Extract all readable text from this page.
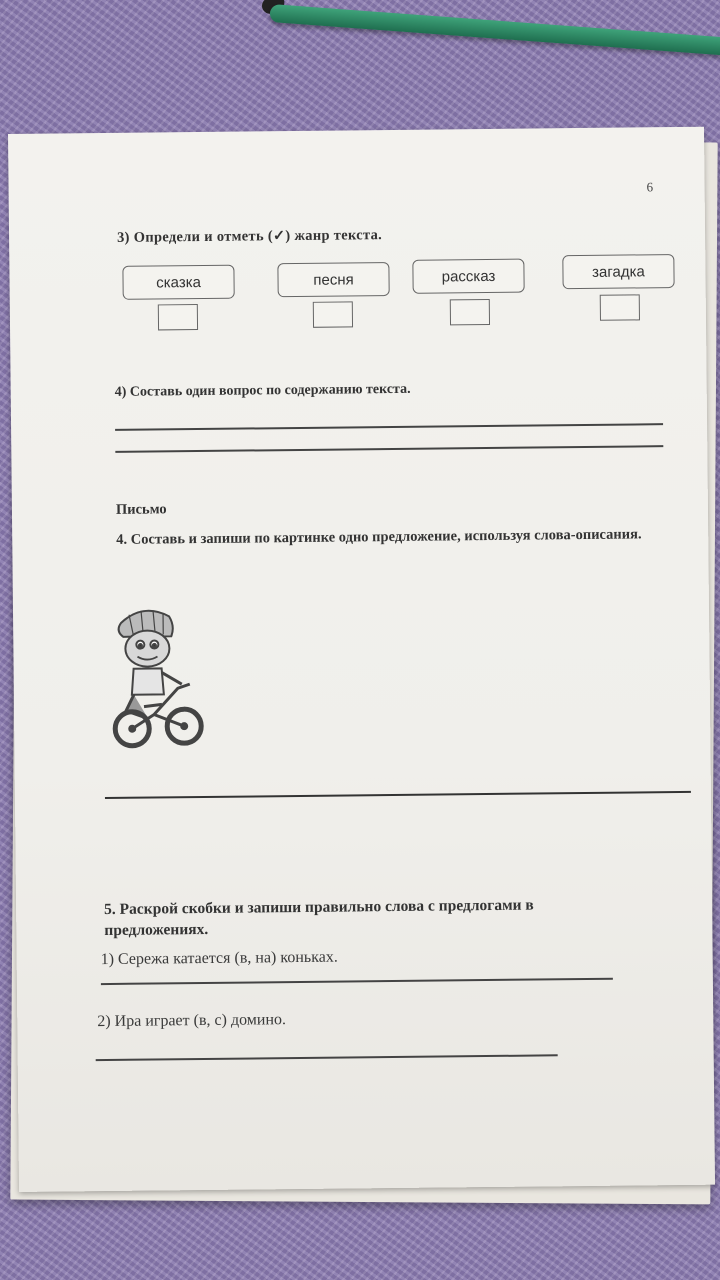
6
3) Определи и отметь (✓) жанр текста.
сказка	песня	рассказ	загадка
4) Составь один вопрос по содержанию текста.
Письмо
4. Составь и запиши по картинке одно предложение, используя слова-описания.
5. Раскрой скобки и запиши правильно слова с предлогами в предложениях.
1) Сережа катается (в, на) коньках.
2) Ира играет (в, с) домино.
